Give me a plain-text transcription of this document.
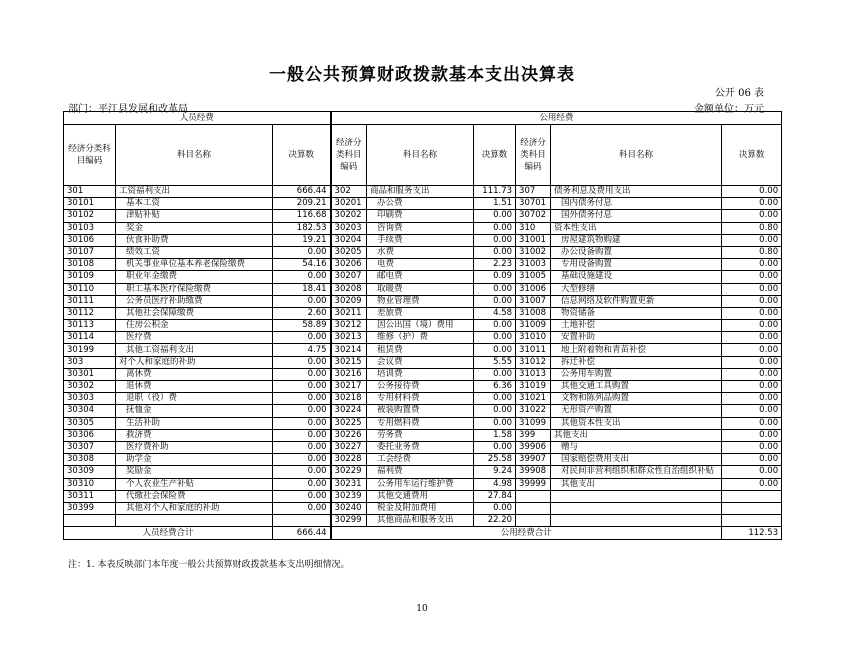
一般公共预算财政拨款基本支出决算表
公开 06 表
部门：平江县发展和改革局	金额单位：万元
人员经费			公用经费					
经济分类科目编码	科目名称	决算数	经济分类科目编码	科目名称	决算数	经济分类科目编码	科目名称	决算数
301	工资福利支出	666.44	302	商品和服务支出	111.73	307	债务利息及费用支出	0.00
30101	基本工资	209.21	30201	办公费	1.51	30701	国内债务付息	0.00
30102	津贴补贴	116.68	30202	印刷费	0.00	30702	国外债务付息	0.00
30103	奖金	182.53	30203	咨询费	0.00	310	资本性支出	0.80
30106	伙食补助费	19.21	30204	手续费	0.00	31001	房屋建筑物购建	0.00
30107	绩效工资	0.00	30205	水费	0.00	31002	办公设备购置	0.80
30108	机关事业单位基本养老保险缴费	54.16	30206	电费	2.23	31003	专用设备购置	0.00
30109	职业年金缴费	0.00	30207	邮电费	0.09	31005	基础设施建设	0.00
30110	职工基本医疗保险缴费	18.41	30208	取暖费	0.00	31006	大型修缮	0.00
30111	公务员医疗补助缴费	0.00	30209	物业管理费	0.00	31007	信息网络及软件购置更新	0.00
30112	其他社会保障缴费	2.60	30211	差旅费	4.58	31008	物资储备	0.00
30113	住房公积金	58.89	30212	因公出国（境）费用	0.00	31009	土地补偿	0.00
30114	医疗费	0.00	30213	维修（护）费	0.00	31010	安置补助	0.00
30199	其他工资福利支出	4.75	30214	租赁费	0.00	31011	地上附着物和青苗补偿	0.00
303	对个人和家庭的补助	0.00	30215	会议费	5.55	31012	拆迁补偿	0.00
30301	离休费	0.00	30216	培训费	0.00	31013	公务用车购置	0.00
30302	退休费	0.00	30217	公务接待费	6.36	31019	其他交通工具购置	0.00
30303	退职（役）费	0.00	30218	专用材料费	0.00	31021	文物和陈列品购置	0.00
30304	抚恤金	0.00	30224	被装购置费	0.00	31022	无形资产购置	0.00
30305	生活补助	0.00	30225	专用燃料费	0.00	31099	其他资本性支出	0.00
30306	救济费	0.00	30226	劳务费	1.58	399	其他支出	0.00
30307	医疗费补助	0.00	30227	委托业务费	0.00	39906	赠与	0.00
30308	助学金	0.00	30228	工会经费	25.58	39907	国家赔偿费用支出	0.00
30309	奖励金	0.00	30229	福利费	9.24	39908	对民间非营利组织和群众性自治组织补贴	0.00
30310	个人农业生产补贴	0.00	30231	公务用车运行维护费	4.98	39999	其他支出	0.00
30311	代缴社会保险费	0.00	30239	其他交通费用	27.84			
30399	其他对个人和家庭的补助	0.00	30240	税金及附加费用	0.00			
			30299	其他商品和服务支出	22.20			
人员经费合计		666.44	公用经费合计					112.53
注：1. 本表反映部门本年度一般公共预算财政拨款基本支出明细情况。
10
